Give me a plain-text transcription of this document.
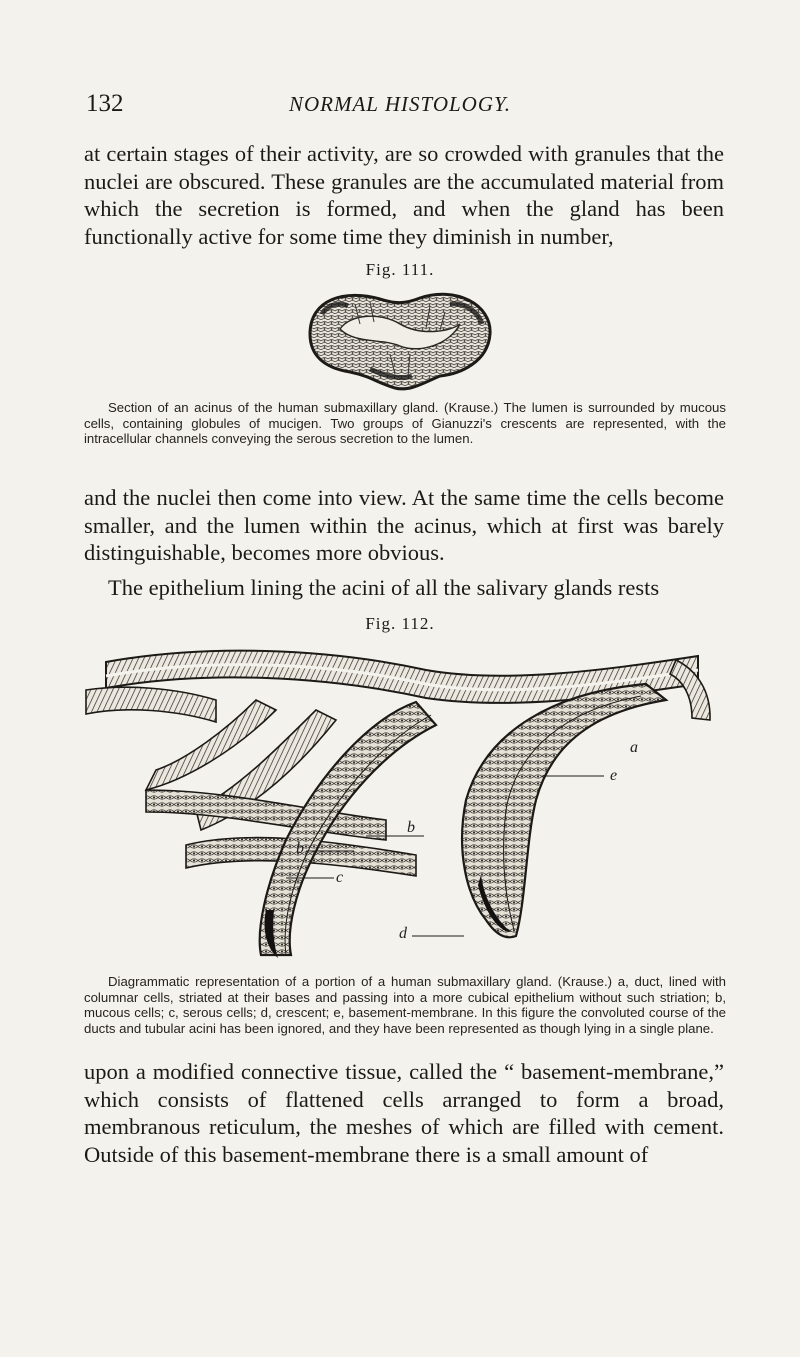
132	NORMAL HISTOLOGY.
at certain stages of their activity, are so crowded with granules that the nuclei are obscured. These granules are the accumulated material from which the secretion is formed, and when the gland has been functionally active for some time they diminish in number,
Fig. 111.
Section of an acinus of the human submaxillary gland. (Krause.) The lumen is surrounded by mucous cells, containing globules of mucigen. Two groups of Gianuzzi's crescents are represented, with the intracellular channels conveying the serous secretion to the lumen.
and the nuclei then come into view. At the same time the cells become smaller, and the lumen within the acinus, which at first was barely distinguishable, becomes more obvious.
The epithelium lining the acini of all the salivary glands rests
Fig. 112.
a
e
b
b
c
d
Diagrammatic representation of a portion of a human submaxillary gland. (Krause.) a, duct, lined with columnar cells, striated at their bases and passing into a more cubical epithelium without such striation; b, mucous cells; c, serous cells; d, crescent; e, basement-membrane. In this figure the convoluted course of the ducts and tubular acini has been ignored, and they have been represented as though lying in a single plane.
upon a modified connective tissue, called the “ basement-membrane,” which consists of flattened cells arranged to form a broad, membranous reticulum, the meshes of which are filled with cement. Outside of this basement-membrane there is a small amount of
